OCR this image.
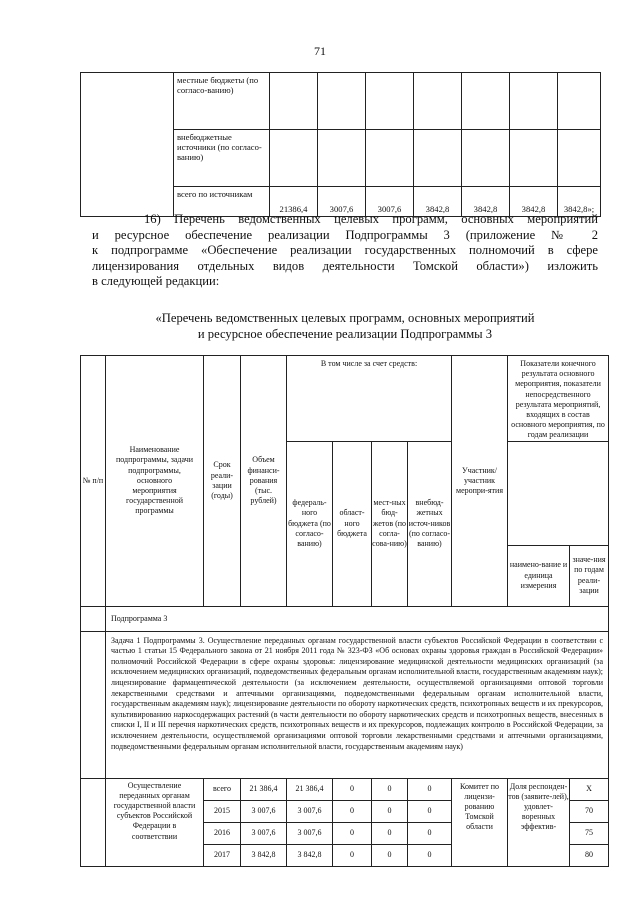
71
	местные бюджеты (по согласо-ванию)							
	внебюджетные источники (по согласо-ванию)							
	всего по источникам	21386,4	3007,6	3007,6	3842,8	3842,8	3842,8	3842,8»;
16) Перечень ведомственных целевых программ, основных мероприятий
и ресурсное обеспечение реализации Подпрограммы 3 (приложение № 2
к подпрограмме «Обеспечение реализации государственных полномочий в сфере
лицензирования отдельных видов деятельности Томской области») изложить
в следующей редакции:
«Перечень ведомственных целевых программ, основных мероприятий
и ресурсное обеспечение реализации Подпрограммы 3
№ п/п	Наименование подпрограммы, задачи подпрограммы, основного мероприятия государственной программы	Срок реали-зации (годы)	Объем финанси-рования (тыс. рублей)	В том числе за счет средств:				Участник/ участник меропри-ятия	Показатели конечного результата основного мероприятия, показатели непосредственного результата мероприятий, входящих в состав основного мероприятия, по годам реализации	
				федераль-ного бюджета (по согласо-ванию)	област-ного бюджета	мест-ных бюд-жетов (по согла-сова-нию)	внебюд-жетных источ-ников (по согласо-ванию)			
									наимено-вание и единица измерения	значе-ния по годам реали-зации
	Подпрограмма 3									
	Задача 1 Подпрограммы 3. Осуществление переданных органам государственной власти субъектов Российской Федерации в соответствии с частью 1 статьи 15 Федерального закона от 21 ноября 2011 года № 323-ФЗ «Об основах охраны здоровья граждан в Российской Федерации» полномочий Российской Федерации в сфере охраны здоровья: лицензирование медицинской деятельности медицинских организаций (за исключением медицинских организаций, подведомственных федеральным органам исполнительной власти, государственным академиям наук); лицензирование фармацевтической деятельности (за исключением деятельности, осуществляемой организациями оптовой торговли лекарственными средствами и аптечными организациями, подведомственными федеральным органам исполнительной власти, государственным академиям наук); лицензирование деятельности по обороту наркотических средств, психотропных веществ и их прекурсоров, культивированию наркосодержащих растений (в части деятельности по обороту наркотических средств и психотропных веществ, внесенных в списки I, II и III перечня наркотических средств, психотропных веществ и их прекурсоров, подлежащих контролю в Российской Федерации, за исключением деятельности, осуществляемой организациями оптовой торговли лекарственными средствами и аптечными организациями, подведомственными федеральным органам исполнительной власти, государственным академиям наук)									
	Осуществление переданных органам государственной власти субъектов Российской Федерации в соответствии	всего	21 386,4	21 386,4	0	0	0	Комитет по лицензи-рованию Томской области	Доля респонден-тов (заявите-лей), удовлет-воренных эффектив-	Х
		2015	3 007,6	3 007,6	0	0	0			70
		2016	3 007,6	3 007,6	0	0	0			75
		2017	3 842,8	3 842,8	0	0	0			80
